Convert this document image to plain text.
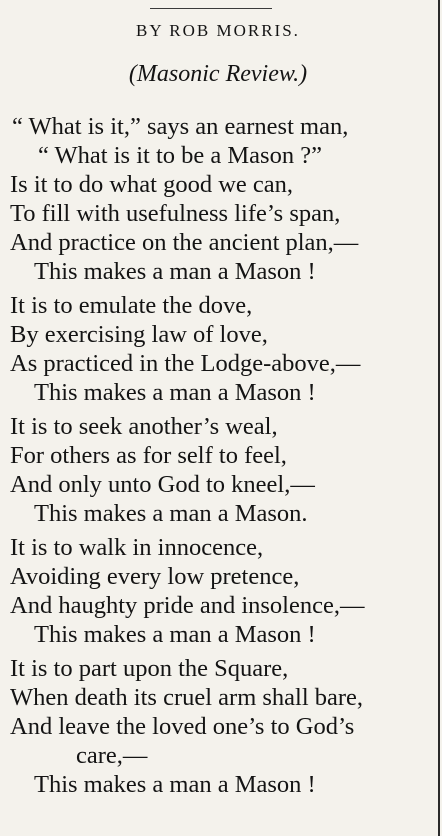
BY ROB MORRIS.
(Masonic Review.)
“ What is it,” says an earnest man,
“ What is it to be a Mason ?”
Is it to do what good we can,
To fill with usefulness life’s span,
And practice on the ancient plan,—
This makes a man a Mason !
It is to emulate the dove,
By exercising law of love,
As practiced in the Lodge-above,—
This makes a man a Mason !
It is to seek another’s weal,
For others as for self to feel,
And only unto God to kneel,—
This makes a man a Mason.
It is to walk in innocence,
Avoiding every low pretence,
And haughty pride and insolence,—
This makes a man a Mason !
It is to part upon the Square,
When death its cruel arm shall bare,
And leave the loved one’s to God’s
care,—
This makes a man a Mason !
